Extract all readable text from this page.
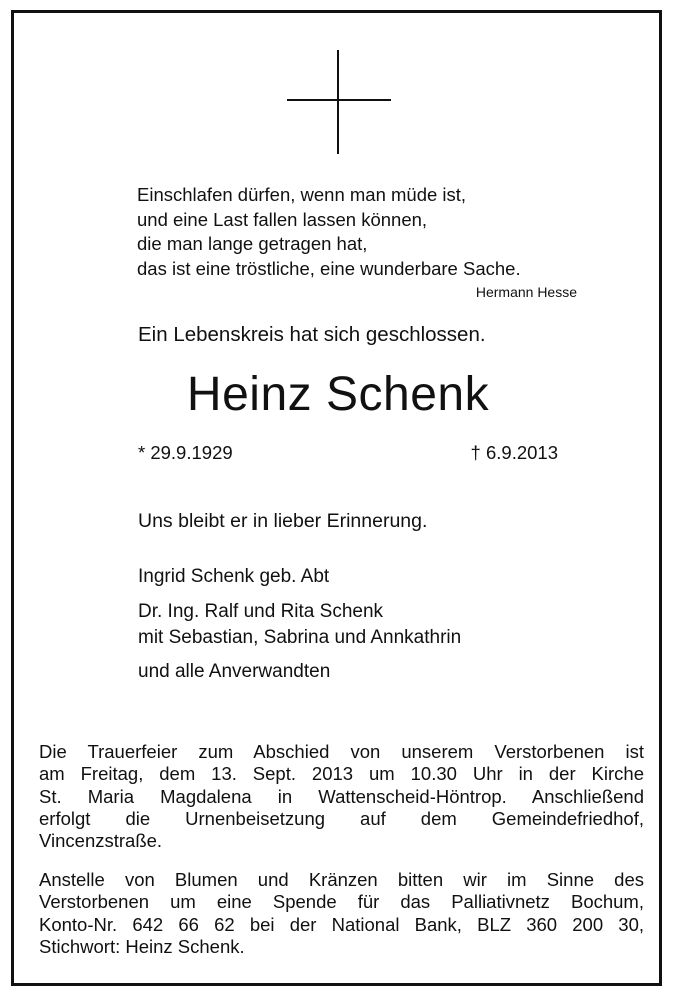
Einschlafen dürfen, wenn man müde ist,
und eine Last fallen lassen können,
die man lange getragen hat,
das ist eine tröstliche, eine wunderbare Sache.
Hermann Hesse
Ein Lebenskreis hat sich geschlossen.
Heinz Schenk
* 29.9.1929	† 6.9.2013
Uns bleibt er in lieber Erinnerung.
Ingrid Schenk geb. Abt
Dr. Ing. Ralf und Rita Schenk
mit Sebastian, Sabrina und Annkathrin
und alle Anverwandten
Die Trauerfeier zum Abschied von unserem Verstorbenen ist
am Freitag, dem 13. Sept. 2013 um 10.30 Uhr in der Kirche
St. Maria Magdalena in Wattenscheid-Höntrop. Anschließend
erfolgt die Urnenbeisetzung auf dem Gemeindefriedhof,
Vincenzstraße.
Anstelle von Blumen und Kränzen bitten wir im Sinne des
Verstorbenen um eine Spende für das Palliativnetz Bochum,
Konto-Nr. 642 66 62 bei der National Bank, BLZ 360 200 30,
Stichwort: Heinz Schenk.
